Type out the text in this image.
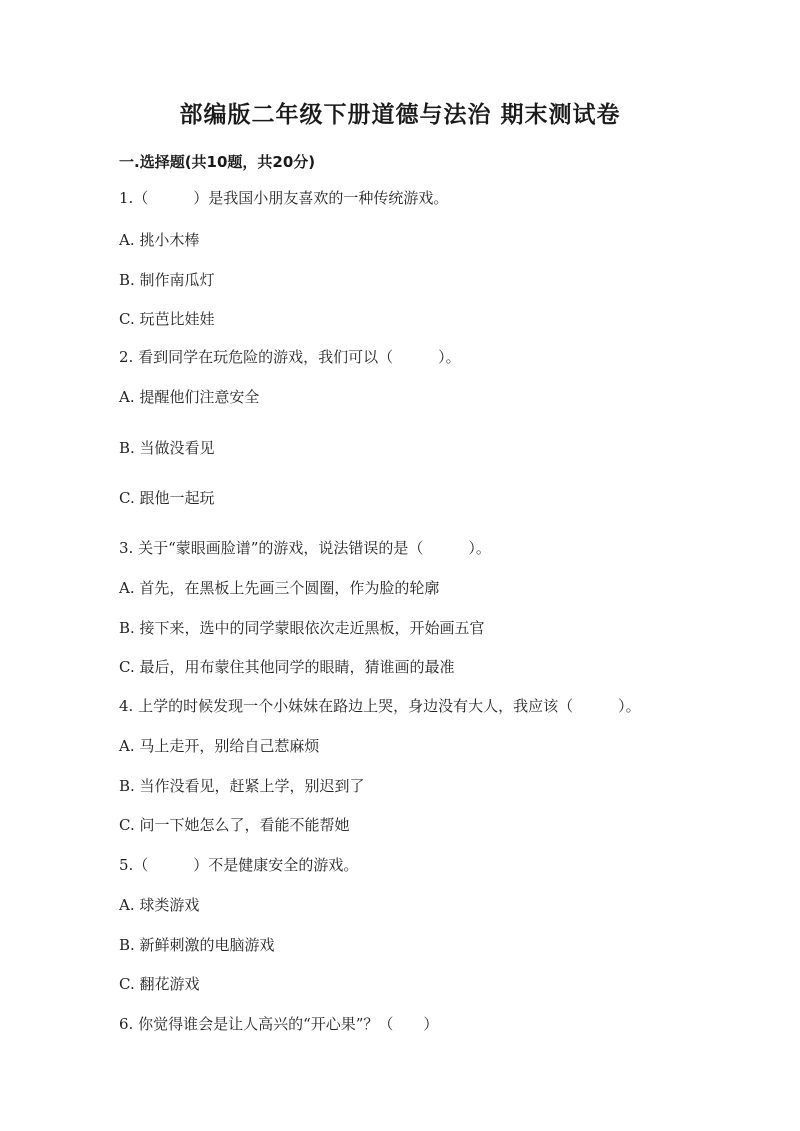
部编版二年级下册道德与法治 期末测试卷
一.选择题(共10题，共20分)
1.（　　　）是我国小朋友喜欢的一种传统游戏。
A. 挑小木棒
B. 制作南瓜灯
C. 玩芭比娃娃
2. 看到同学在玩危险的游戏，我们可以（　　　）。
A. 提醒他们注意安全
B. 当做没看见
C. 跟他一起玩
3. 关于“蒙眼画脸谱”的游戏，说法错误的是（　　　）。
A. 首先，在黑板上先画三个圆圈，作为脸的轮廓
B. 接下来，选中的同学蒙眼依次走近黑板，开始画五官
C. 最后，用布蒙住其他同学的眼睛，猜谁画的最准
4. 上学的时候发现一个小妹妹在路边上哭，身边没有大人，我应该（　　　）。
A. 马上走开，别给自己惹麻烦
B. 当作没看见，赶紧上学，别迟到了
C. 问一下她怎么了，看能不能帮她
5.（　　　）不是健康安全的游戏。
A. 球类游戏
B. 新鲜刺激的电脑游戏
C. 翻花游戏
6. 你觉得谁会是让人高兴的“开心果”？（　　）
